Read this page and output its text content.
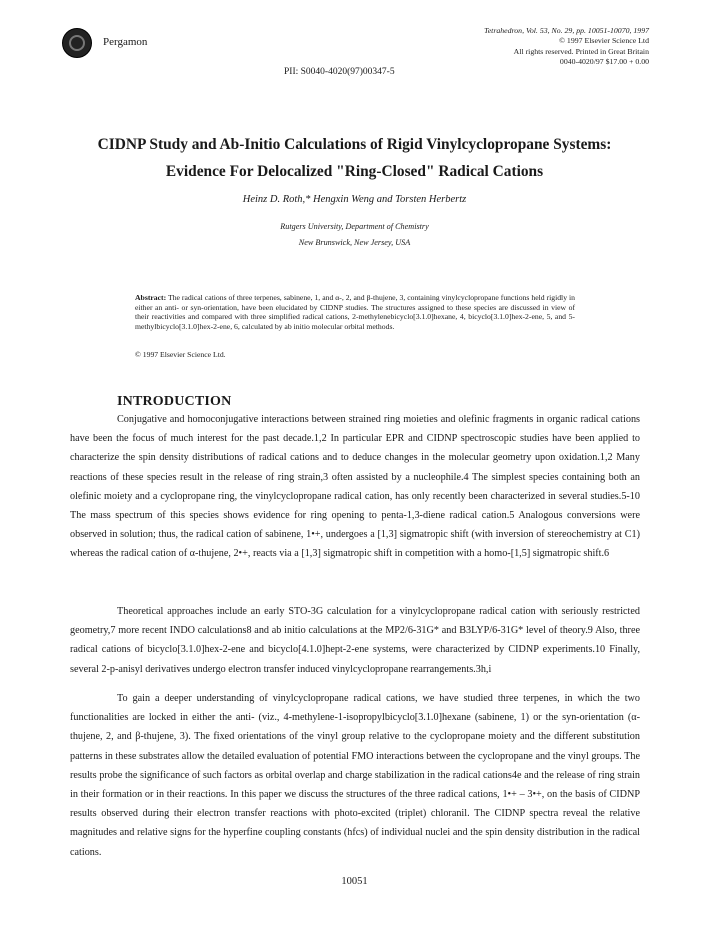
Pergamon
Tetrahedron, Vol. 53, No. 29, pp. 10051-10070, 1997
© 1997 Elsevier Science Ltd
All rights reserved. Printed in Great Britain
0040-4020/97 $17.00 + 0.00
PII: S0040-4020(97)00347-5
CIDNP Study and Ab-Initio Calculations of Rigid Vinylcyclopropane Systems:
Evidence For Delocalized "Ring-Closed" Radical Cations
Heinz D. Roth,* Hengxin Weng and Torsten Herbertz
Rutgers University, Department of Chemistry
New Brunswick, New Jersey, USA
Abstract: The radical cations of three terpenes, sabinene, 1, and α-, 2, and β-thujene, 3, containing vinylcyclopropane functions held rigidly in either an anti- or syn-orientation, have been elucidated by CIDNP studies. The structures assigned to these species are discussed in view of their reactivities and compared with three simplified radical cations, 2-methylenebicyclo[3.1.0]hexane, 4, bicyclo[3.1.0]hex-2-ene, 5, and 5-methylbicyclo[3.1.0]hex-2-ene, 6, calculated by ab initio molecular orbital methods.
© 1997 Elsevier Science Ltd.
INTRODUCTION
Conjugative and homoconjugative interactions between strained ring moieties and olefinic fragments in organic radical cations have been the focus of much interest for the past decade.1,2 In particular EPR and CIDNP spectroscopic studies have been applied to characterize the spin density distributions of radical cations and to deduce changes in the molecular geometry upon oxidation.1,2 Many reactions of these species result in the release of ring strain,3 often assisted by a nucleophile.4 The simplest species containing both an olefinic moiety and a cyclopropane ring, the vinylcyclopropane radical cation, has only recently been characterized in several studies.5-10 The mass spectrum of this species shows evidence for ring opening to penta-1,3-diene radical cation.5 Analogous conversions were observed in solution; thus, the radical cation of sabinene, 1•+, undergoes a [1,3] sigmatropic shift (with inversion of stereochemistry at C1) whereas the radical cation of α-thujene, 2•+, reacts via a [1,3] sigmatropic shift in competition with a homo-[1,5] sigmatropic shift.6
Theoretical approaches include an early STO-3G calculation for a vinylcyclopropane radical cation with seriously restricted geometry,7 more recent INDO calculations8 and ab initio calculations at the MP2/6-31G* and B3LYP/6-31G* level of theory.9 Also, three radical cations of bicyclo[3.1.0]hex-2-ene and bicyclo[4.1.0]hept-2-ene systems, were characterized by CIDNP experiments.10 Finally, several 2-p-anisyl derivatives undergo electron transfer induced vinylcyclopropane rearrangements.3h,i
To gain a deeper understanding of vinylcyclopropane radical cations, we have studied three terpenes, in which the two functionalities are locked in either the anti- (viz., 4-methylene-1-isopropylbicyclo[3.1.0]hexane (sabinene, 1) or the syn-orientation (α-thujene, 2, and β-thujene, 3). The fixed orientations of the vinyl group relative to the cyclopropane moiety and the different substitution patterns in these substrates allow the detailed evaluation of potential FMO interactions between the cyclopropane and the vinyl groups. The results probe the significance of such factors as orbital overlap and charge stabilization in the radical cations4e and the release of ring strain in their formation or in their reactions. In this paper we discuss the structures of the three radical cations, 1•+ – 3•+, on the basis of CIDNP results observed during their electron transfer reactions with photo-excited (triplet) chloranil. The CIDNP spectra reveal the relative magnitudes and relative signs for the hyperfine coupling constants (hfcs) of individual nuclei and the spin density distribution in the radical cations.
10051
